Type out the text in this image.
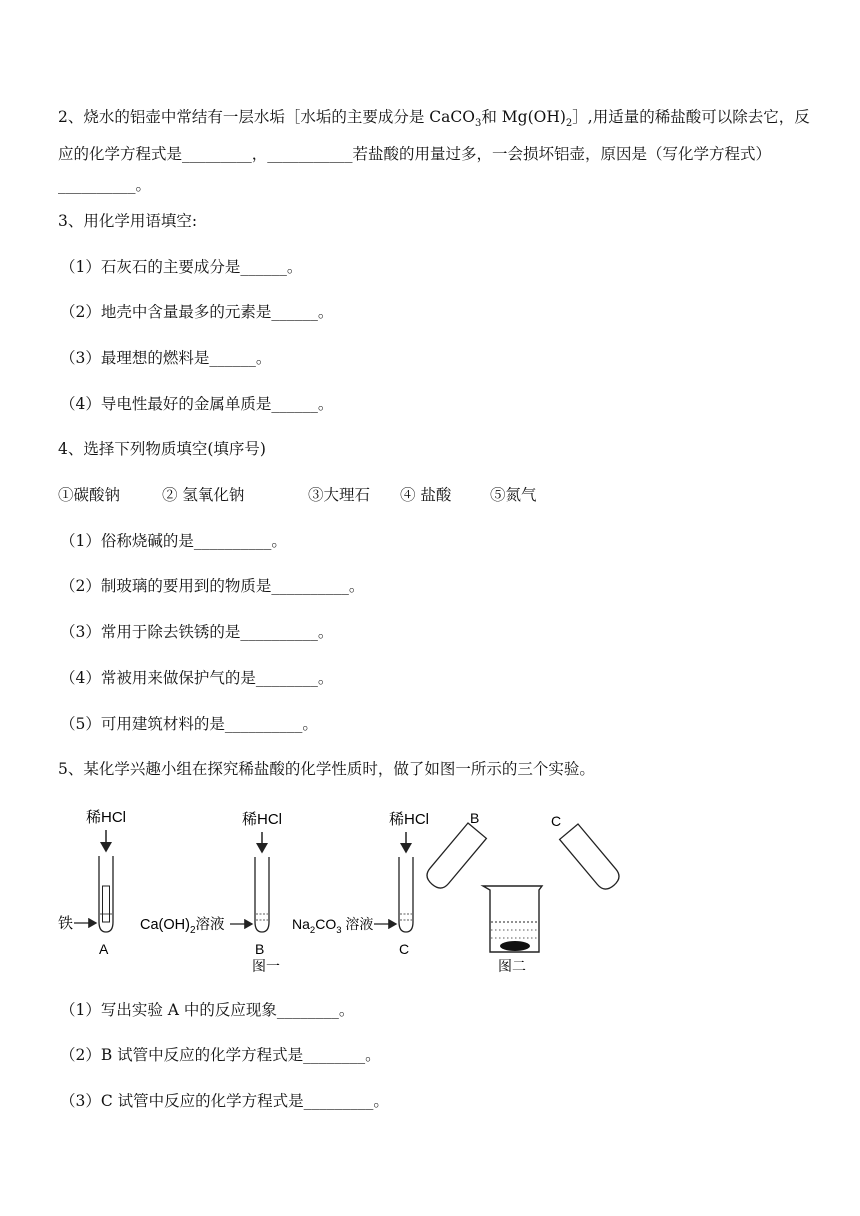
2、烧水的铝壶中常结有一层水垢［水垢的主要成分是 CaCO$_3$和 $Mg(OH)_2]$,用适量的稀盐酸可以除去它，反应的化学方程式是_________，___________若盐酸的用量过多，一会损坏铝壶，原因是（写化学方程式）__________。
3、用化学用语填空:
（1）石灰石的主要成分是______。
（2）地壳中含量最多的元素是______。
（3）最理想的燃料是______。
（4）导电性最好的金属单质是______。
4、选择下列物质填空(填序号)
①碳酸钠	② 氢氧化钠	③大理石 ④ 盐酸 ⑤氮气
（1）俗称烧碱的是__________。
（2）制玻璃的要用到的物质是__________。
（3）常用于除去铁锈的是__________。
（4）常被用来做保护气的是________。
（5）可用建筑材料的是__________。
5、某化学兴趣小组在探究稀盐酸的化学性质时，做了如图一所示的三个实验。
稀HCl
铁
A
稀HCl
$Ca(OH)_2$溶液
B
图一
稀HCl
$Na_2CO_3$ 溶液
C
B	C
图二
（1）写出实验 A 中的反应现象________。
（2）B 试管中反应的化学方程式是________。
（3）C 试管中反应的化学方程式是_________。
